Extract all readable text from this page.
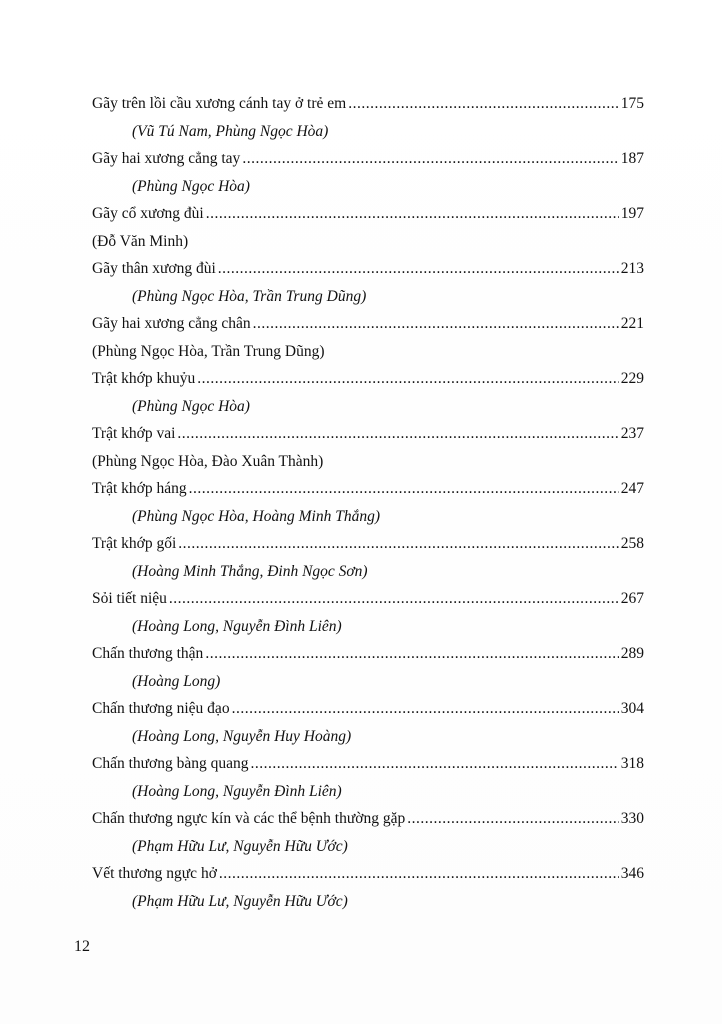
Gãy trên lồi cầu xương cánh tay ở trẻ em .....	175
(Vũ Tú Nam, Phùng Ngọc Hòa)
Gãy hai xương cẳng tay .....	187
(Phùng Ngọc Hòa)
Gãy cổ xương đùi .....	197
(Đỗ Văn Minh)
Gãy thân xương đùi .....	213
(Phùng Ngọc Hòa, Trần Trung Dũng)
Gãy hai xương cẳng chân .....	221
(Phùng Ngọc Hòa, Trần Trung Dũng)
Trật khớp khuỷu .....	229
(Phùng Ngọc Hòa)
Trật khớp vai .....	237
(Phùng Ngọc Hòa, Đào Xuân Thành)
Trật khớp háng .....	247
(Phùng Ngọc Hòa, Hoàng Minh Thắng)
Trật khớp gối .....	258
(Hoàng Minh Thắng, Đinh Ngọc Sơn)
Sỏi tiết niệu .....	267
(Hoàng Long, Nguyễn Đình Liên)
Chấn thương thận .....	289
(Hoàng Long)
Chấn thương niệu đạo .....	304
(Hoàng Long, Nguyễn Huy Hoàng)
Chấn thương bàng quang .....	318
(Hoàng Long, Nguyễn Đình Liên)
Chấn thương ngực kín và các thể bệnh thường gặp .....	330
(Phạm Hữu Lư, Nguyễn Hữu Ước)
Vết thương ngực hở .....	346
(Phạm Hữu Lư, Nguyễn Hữu Ước)
12
